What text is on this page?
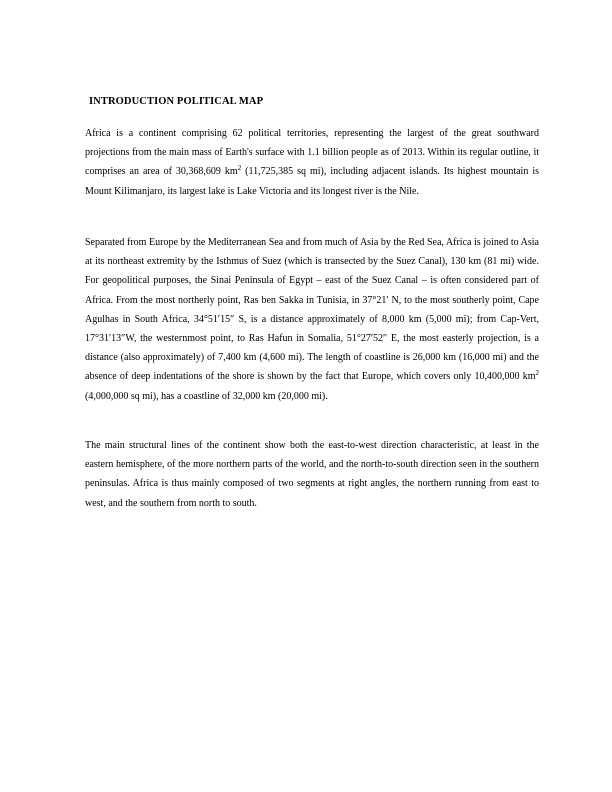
INTRODUCTION POLITICAL MAP

Africa is a continent comprising 62 political territories, representing the largest of the great southward projections from the main mass of Earth's surface with 1.1 billion people as of 2013. Within its regular outline, it comprises an area of 30,368,609 $km^2$ (11,725,385 sq mi), including adjacent islands. Its highest mountain is Mount Kilimanjaro, its largest lake is Lake Victoria and its longest river is the Nile.

Separated from Europe by the Mediterranean Sea and from much of Asia by the Red Sea, Africa is joined to Asia at its northeast extremity by the Isthmus of Suez (which is transected by the Suez Canal), 130 km (81 mi) wide. For geopolitical purposes, the Sinai Peninsula of Egypt – east of the Suez Canal – is often considered part of Africa. From the most northerly point, Ras ben Sakka in Tunisia, in 37°21′ N, to the most southerly point, Cape Agulhas in South Africa, 34°51′15″ S, is a distance approximately of 8,000 km (5,000 mi); from Cap-Vert, 17°31′13″W, the westernmost point, to Ras Hafun in Somalia, 51°27′52″ E, the most easterly projection, is a distance (also approximately) of 7,400 km (4,600 mi). The length of coastline is 26,000 km (16,000 mi) and the absence of deep indentations of the shore is shown by the fact that Europe, which covers only 10,400,000 $km^2$ (4,000,000 sq mi), has a coastline of 32,000 km (20,000 mi).

The main structural lines of the continent show both the east-to-west direction characteristic, at least in the eastern hemisphere, of the more northern parts of the world, and the north-to-south direction seen in the southern peninsulas. Africa is thus mainly composed of two segments at right angles, the northern running from east to west, and the southern from north to south.
